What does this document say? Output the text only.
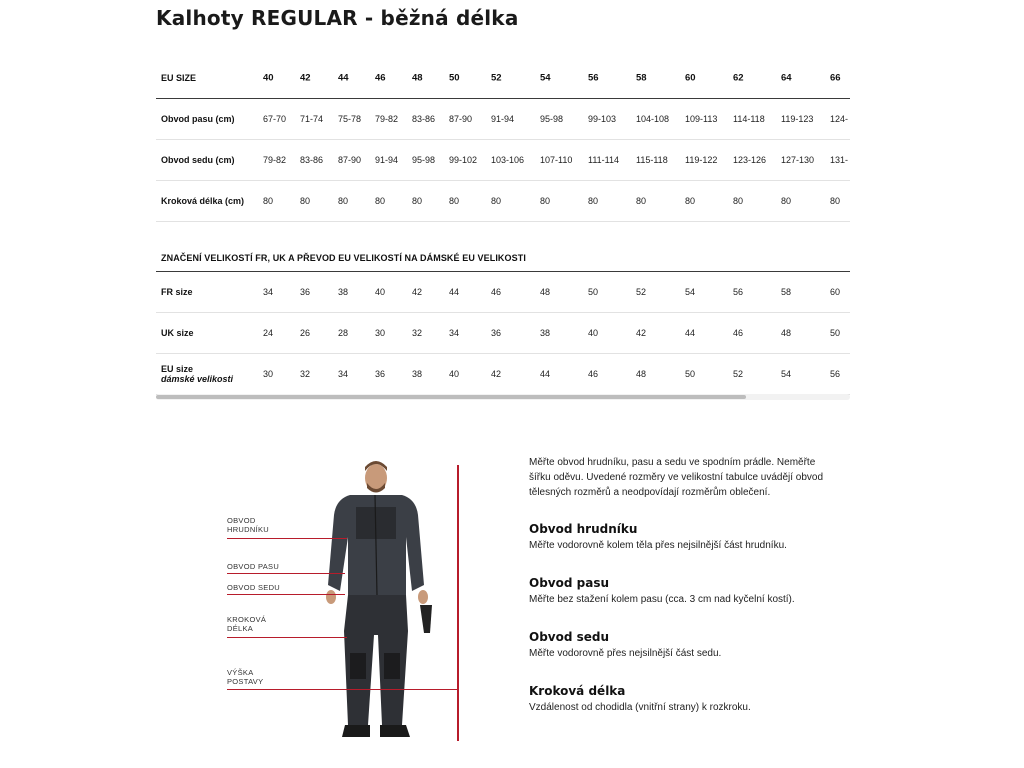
Kalhoty REGULAR - běžná délka
EU SIZE	40	42	44	46	48	50	52	54	56	58	60	62	64	66
Obvod pasu (cm)	67-70 71-74 75-78 79-82 83-86 87-90 91-94	95-98	99-103 104-108 109-113 114-118 119-123 124-
Obvod sedu (cm)	79-82 83-86 87-90 91-94 95-98 99-102 103-106 107-110 111-114 115-118 119-122 123-126 127-130 131-
Kroková délka (cm) 80	80	80	80	80	80	80	80	80	80	80	80	80	80
ZNAČENÍ VELIKOSTÍ FR, UK A PŘEVOD EU VELIKOSTÍ NA DÁMSKÉ EU VELIKOSTI
FR size	34	36	38	40	42	44	46	48	50	52	54	56	58	60
UK size	24	26	28	30	32	34	36	38	40	42	44	46	48	50
EU size
dámské velikosti	30	32	34	36	38	40	42	44	46	48	50	52	54	56
OBVOD
HRUDNÍKU
OBVOD PASU
OBVOD SEDU
KROKOVÁ
DÉLKA
VÝŠKA
POSTAVY

Měřte obvod hrudníku, pasu a sedu ve spodním prádle. Neměřte šířku oděvu. Uvedené rozměry ve velikostní tabulce uvádějí obvod tělesných rozměrů a neodpovídají rozměrům oblečení.

Obvod hrudníku
Měřte vodorovně kolem těla přes nejsilnější část hrudníku.
Obvod pasu
Měřte bez stažení kolem pasu (cca. 3 cm nad kyčelní kostí).
Obvod sedu
Měřte vodorovně přes nejsilnější část sedu.
Kroková délka
Vzdálenost od chodidla (vnitřní strany) k rozkroku.
